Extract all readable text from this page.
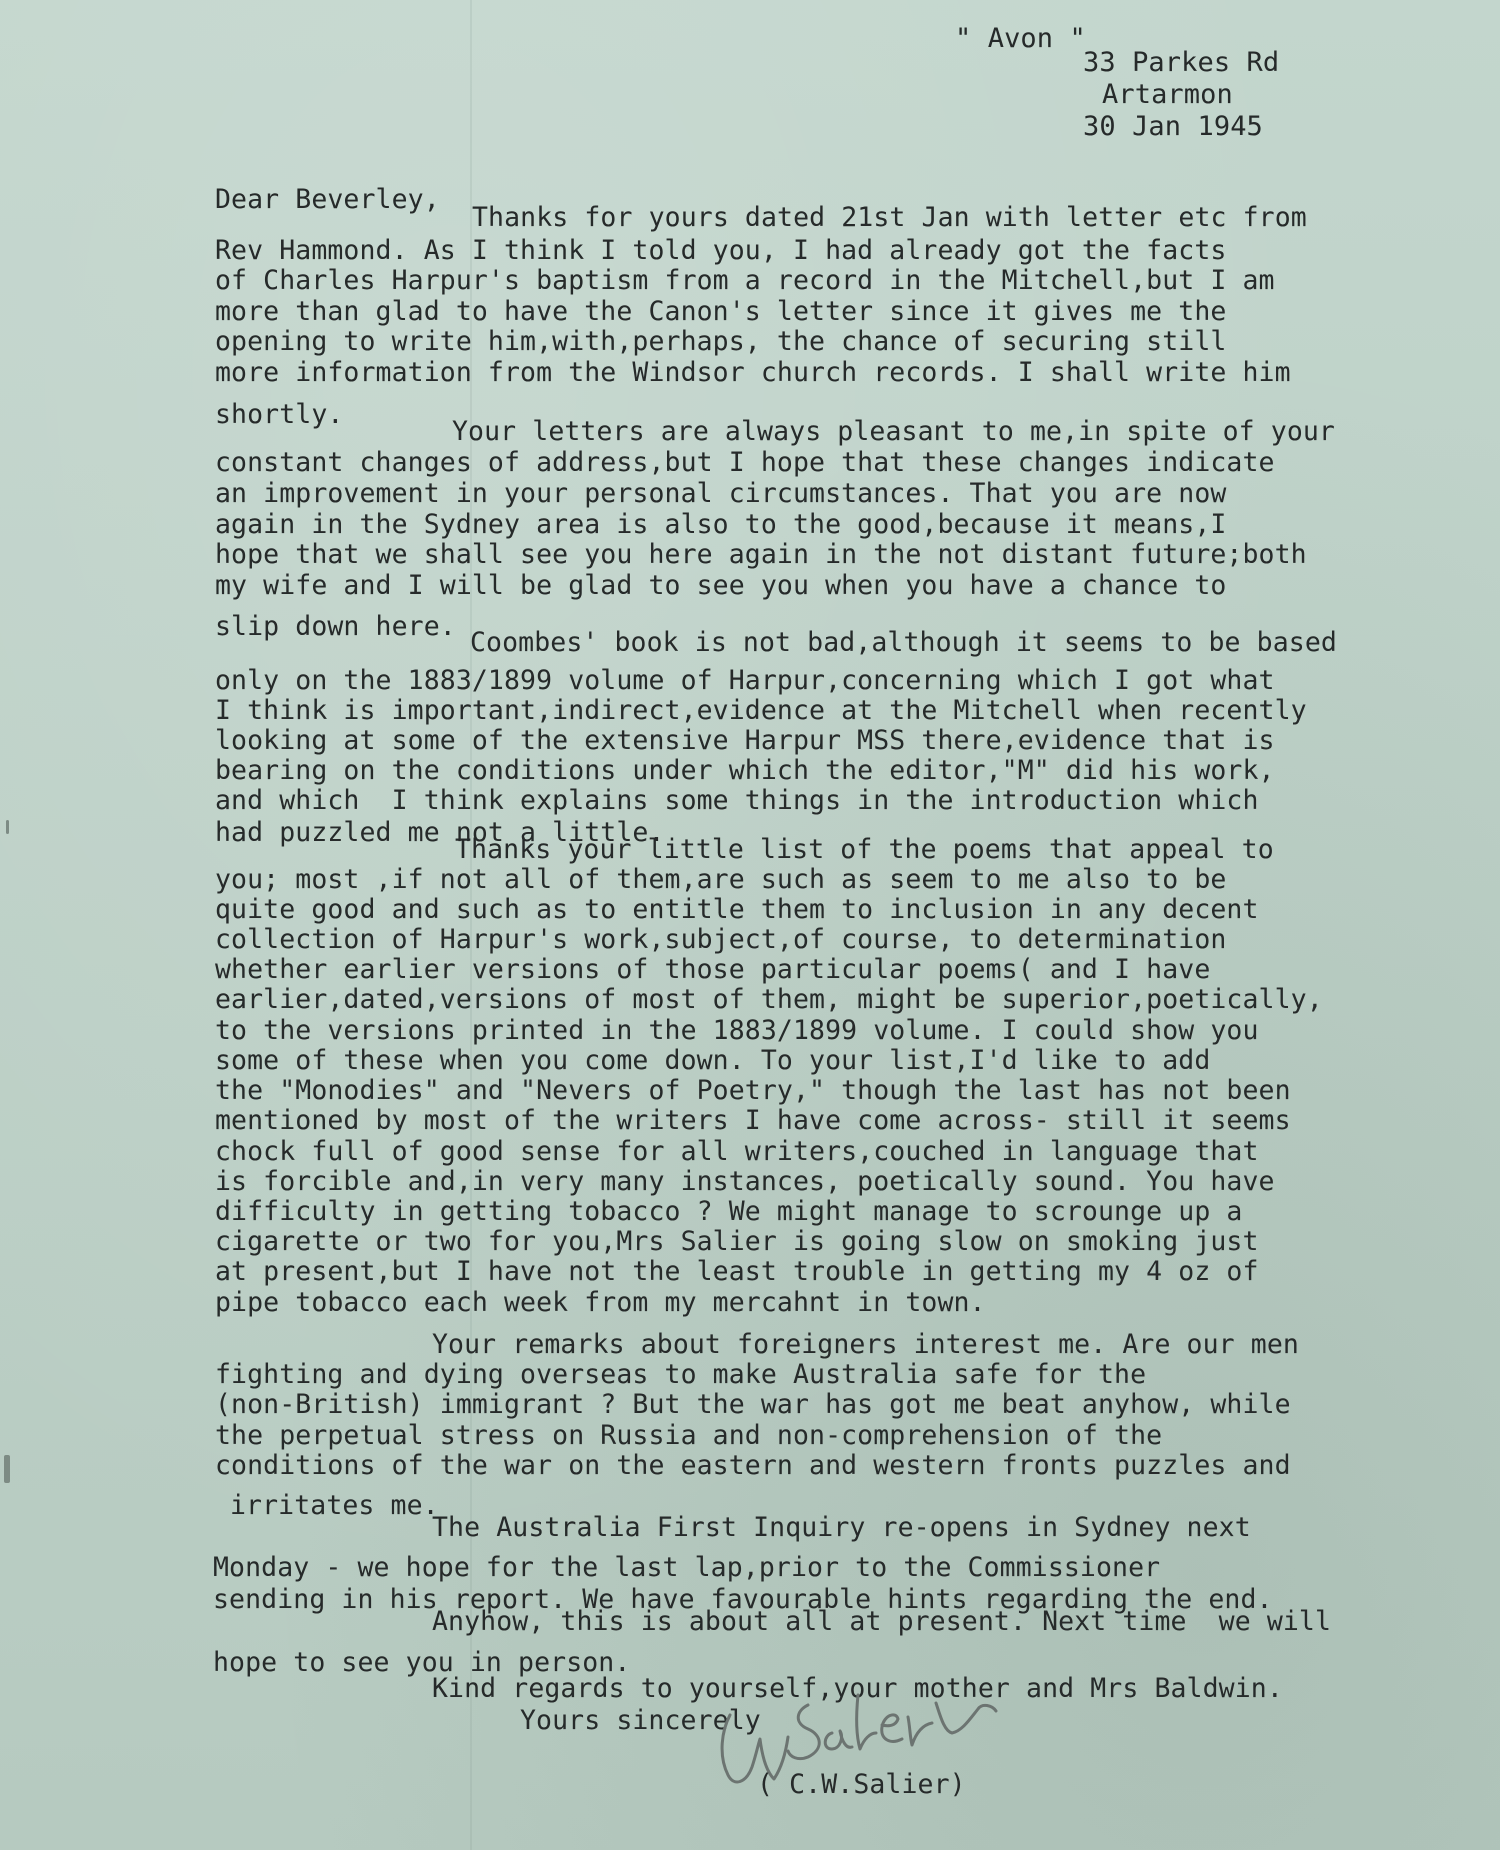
" Avon "
33 Parkes Rd
Artarmon
30 Jan 1945
Dear Beverley,
Thanks for yours dated 21st Jan with letter etc from
Rev Hammond. As I think I told you, I had already got the facts
of Charles Harpur's baptism from a record in the Mitchell,but I am
more than glad to have the Canon's letter since it gives me the
opening to write him,with,perhaps, the chance of securing still
more information from the Windsor church records. I shall write him
shortly.
Your letters are always pleasant to me,in spite of your
constant changes of address,but I hope that these changes indicate
an improvement in your personal circumstances. That you are now
again in the Sydney area is also to the good,because it means,I
hope that we shall see you here again in the not distant future;both
my wife and I will be glad to see you when you have a chance to
slip down here.
Coombes' book is not bad,although it seems to be based
only on the 1883/1899 volume of Harpur,concerning which I got what
I think is important,indirect,evidence at the Mitchell when recently
looking at some of the extensive Harpur MSS there,evidence that is
bearing on the conditions under which the editor,"M" did his work,
and which  I think explains some things in the introduction which
had puzzled me not a little.
Thanks your little list of the poems that appeal to
you; most ,if not all of them,are such as seem to me also to be
quite good and such as to entitle them to inclusion in any decent
collection of Harpur's work,subject,of course, to determination
whether earlier versions of those particular poems( and I have
earlier,dated,versions of most of them, might be superior,poetically,
to the versions printed in the 1883/1899 volume. I could show you
some of these when you come down. To your list,I'd like to add
the "Monodies" and "Nevers of Poetry," though the last has not been
mentioned by most of the writers I have come across- still it seems
chock full of good sense for all writers,couched in language that
is forcible and,in very many instances, poetically sound. You have
difficulty in getting tobacco ? We might manage to scrounge up a
cigarette or two for you,Mrs Salier is going slow on smoking just
at present,but I have not the least trouble in getting my 4 oz of
pipe tobacco each week from my mercahnt in town.
Your remarks about foreigners interest me. Are our men
fighting and dying overseas to make Australia safe for the
(non-British) immigrant ? But the war has got me beat anyhow, while
the perpetual stress on Russia and non-comprehension of the
conditions of the war on the eastern and western fronts puzzles and
irritates me.
The Australia First Inquiry re-opens in Sydney next
Monday - we hope for the last lap,prior to the Commissioner
sending in his report. We have favourable hints regarding the end.
Anyhow, this is about all at present. Next time  we will
hope to see you in person.
Kind regards to yourself,your mother and Mrs Baldwin.
Yours sincerely
( C.W.Salier)
